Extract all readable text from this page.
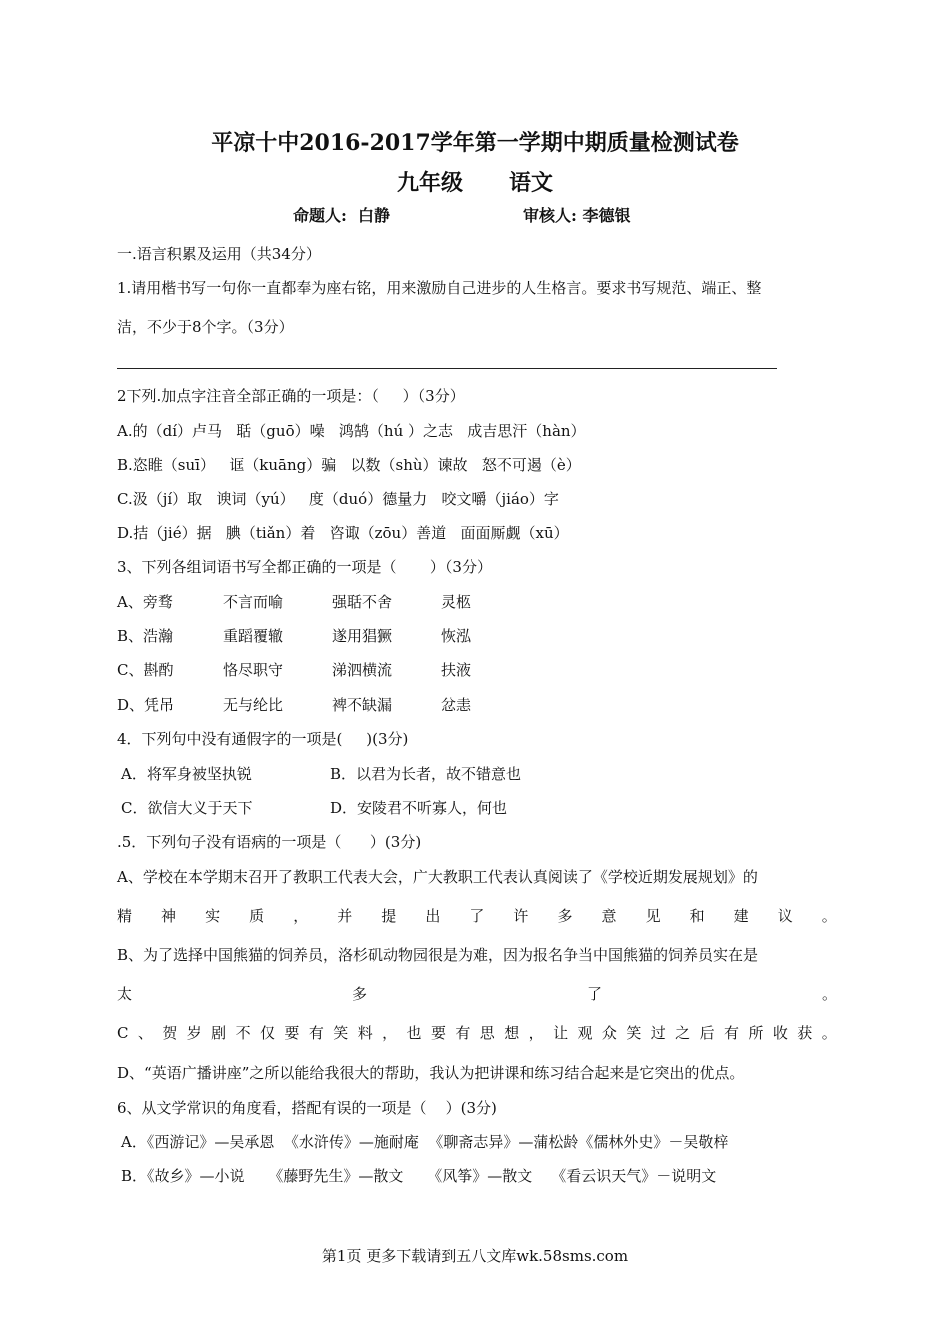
平凉十中2016-2017学年第一学期中期质量检测试卷
九年级 语文
命题人:  白静	审核人: 李德银
一.语言积累及运用（共34分）
1.请用楷书写一句你一直都奉为座右铭，用来激励自己进步的人生格言。要求书写规范、端正、整
洁，不少于8个字。（3分）
2下列.加点字注音全部正确的一项是：（     ）（3分）
A.的（dí）卢马   聒（guō）噪   鸿鹄（hú ）之志   成吉思汗（hàn）
B.恣睢（suī）   诓（kuāng）骗   以数（shù）谏故   怒不可遏（è）
C.汲（jí）取   谀词（yú）   度（duó）德量力   咬文嚼（jiáo）字
D.拮（jié）据   腆（tiǎn）着   咨诹（zōu）善道   面面厮觑（xū）
3、下列各组词语书写全都正确的一项是（       ）（3分）
A、旁骛	不言而喻	强聒不舍	灵柩
B、浩瀚	重蹈覆辙	遂用猖獗	恢泓
C、斟酌	恪尽职守	涕泗横流	扶液
D、凭吊	无与纶比	裨不缺漏	忿恚
4．下列句中没有通假字的一项是(     )(3分)
A．将军身被坚执锐	B．以君为长者，故不错意也
C．欲信大义于天下	D．安陵君不听寡人，何也
.5．下列句子没有语病的一项是（      ）(3分)
A、学校在本学期末召开了教职工代表大会，广大教职工代表认真阅读了《学校近期发展规划》的
精 神 实 质 ， 并 提 出 了 许 多 意 见 和 建 议 。
B、为了选择中国熊猫的饲养员，洛杉矶动物园很是为难，因为报名争当中国熊猫的饲养员实在是
太	多	了	。
C 、 贺 岁 剧 不 仅 要 有 笑 料 ， 也 要 有 思 想 ， 让 观 众 笑 过 之 后 有 所 收 获 。
D、“英语广播讲座”之所以能给我很大的帮助，我认为把讲课和练习结合起来是它突出的优点。
6、从文学常识的角度看，搭配有误的一项是（    ）(3分)
A．《西游记》—吴承恩  《水浒传》—施耐庵  《聊斋志异》—蒲松龄《儒林外史》－吴敬梓
B．《故乡》—小说     《藤野先生》—散文     《风筝》—散文    《看云识天气》－说明文
第1页 更多下载请到五八文库wk.58sms.com
